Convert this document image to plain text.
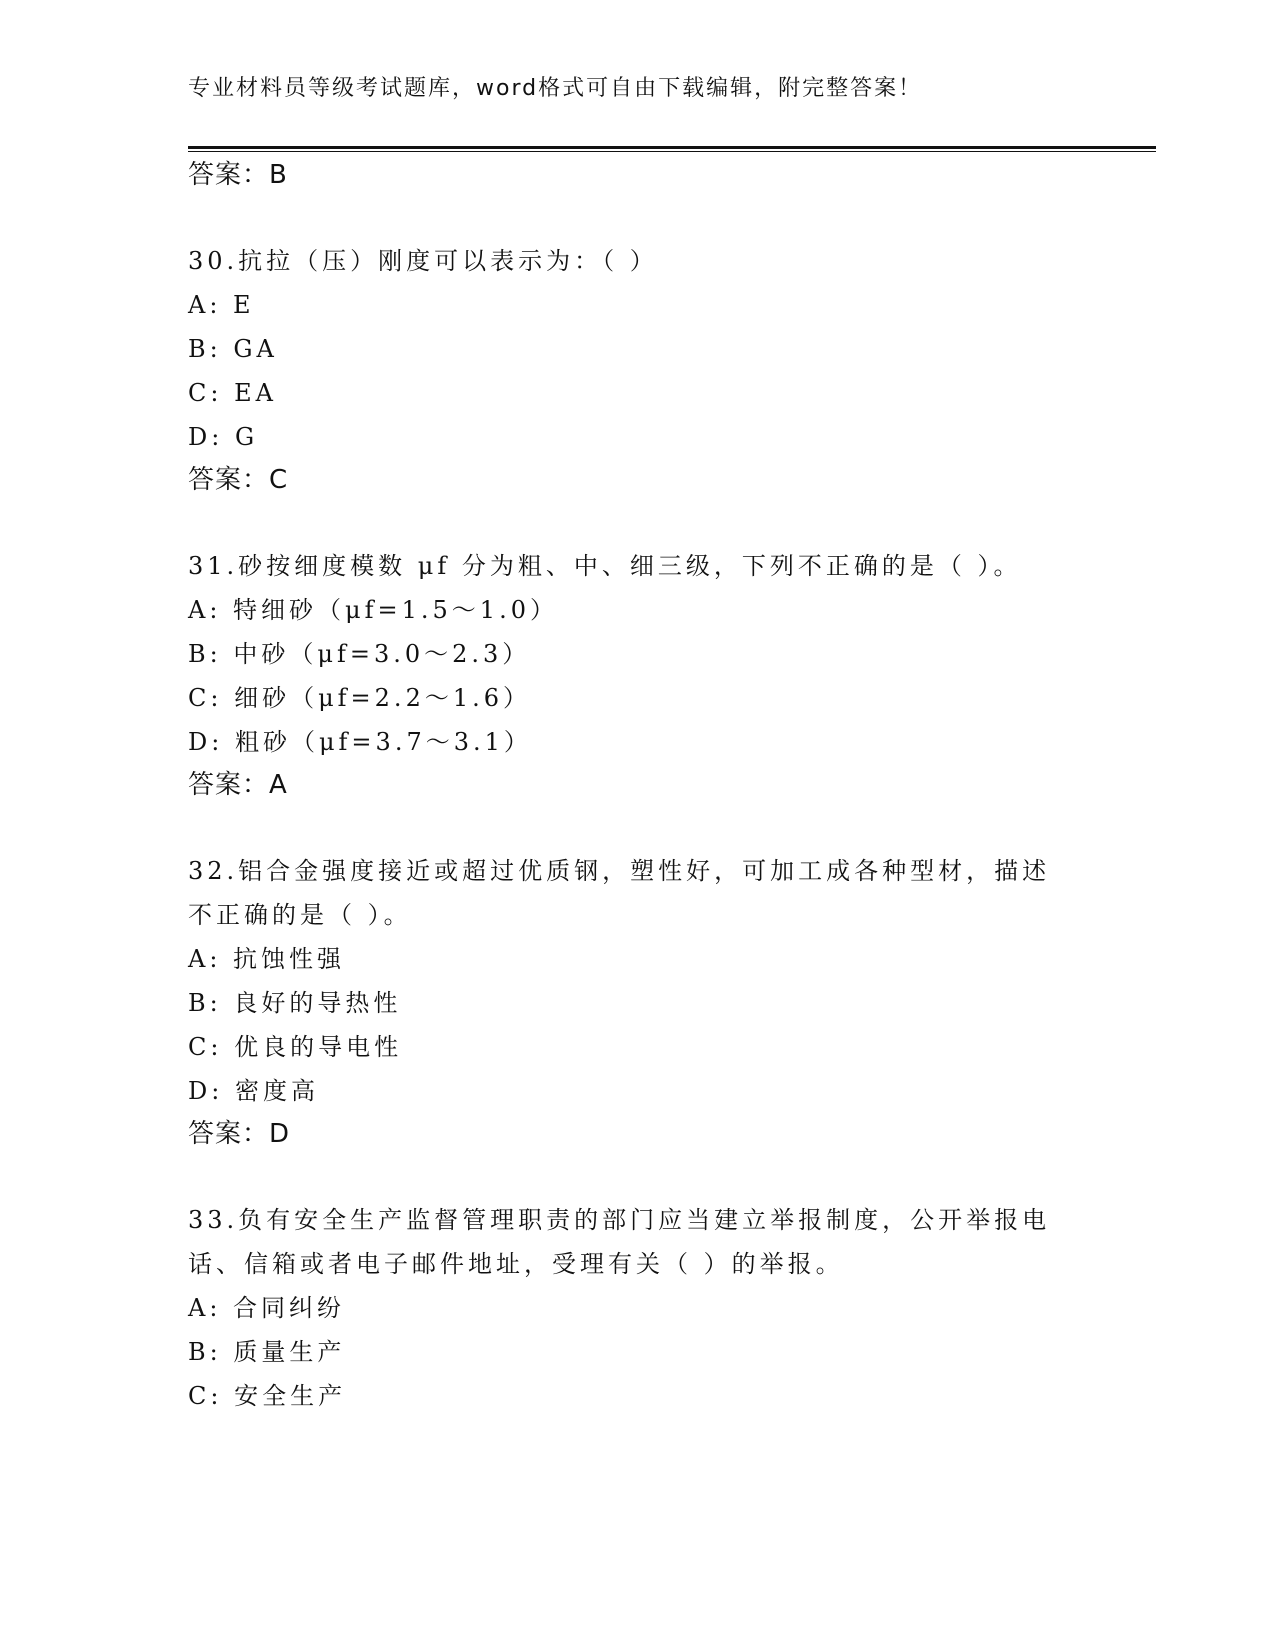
专业材料员等级考试题库，word格式可自由下载编辑，附完整答案！
答案：B
30.抗拉（压）刚度可以表示为：（ ）
A: E
B: GA
C: EA
D: G
答案：C
31.砂按细度模数 μf 分为粗、中、细三级，下列不正确的是（ ）。
A: 特细砂（μf=1.5～1.0）
B: 中砂（μf=3.0～2.3）
C: 细砂（μf=2.2～1.6）
D: 粗砂（μf=3.7～3.1）
答案：A
32.铝合金强度接近或超过优质钢，塑性好，可加工成各种型材，描述
不正确的是（ ）。
A: 抗蚀性强
B: 良好的导热性
C: 优良的导电性
D: 密度高
答案：D
33.负有安全生产监督管理职责的部门应当建立举报制度，公开举报电
话、信箱或者电子邮件地址，受理有关（ ）的举报。
A: 合同纠纷
B: 质量生产
C: 安全生产
